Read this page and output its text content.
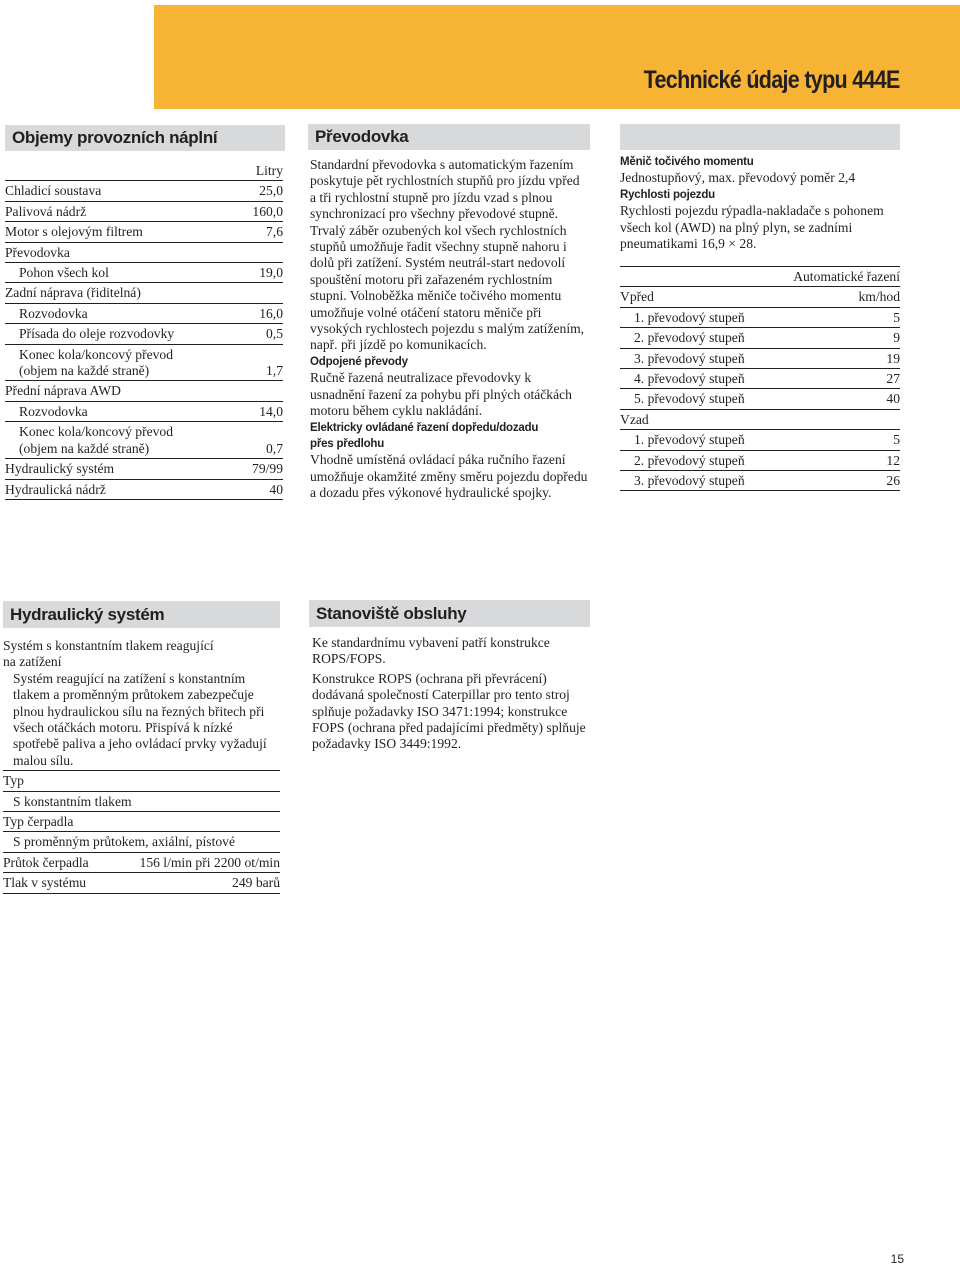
Technické údaje typu 444E
Objemy provozních náplní
Litry
Chladicí soustava	25,0
Palivová nádrž	160,0
Motor s olejovým filtrem	7,6
Převodovka
Pohon všech kol	19,0
Zadní náprava (řiditelná)
Rozvodovka	16,0
Přísada do oleje rozvodovky	0,5
Konec kola/koncový převod
(objem na každé straně)	1,7
Přední náprava AWD
Rozvodovka	14,0
Konec kola/koncový převod
(objem na každé straně)	0,7
Hydraulický systém	79/99
Hydraulická nádrž	40
Převodovka

Standardní převodovka s automatickým řazením poskytuje pět rychlostních stupňů pro jízdu vpřed a tři rychlostní stupně pro jízdu vzad s plnou synchronizací pro všechny převodové stupně. Trvalý záběr ozubených kol všech rychlostních stupňů umožňuje řadit všechny stupně nahoru i dolů při zatížení. Systém neutrál-start nedovolí spouštění motoru při zařazeném rychlostním stupni. Volnoběžka měniče točivého momentu umožňuje volné otáčení statoru měniče při vysokých rychlostech pojezdu s malým zatížením, např. při jízdě po komunikacích.

Odpojené převody

Ručně řazená neutralizace převodovky k usnadnění řazení za pohybu při plných otáčkách motoru během cyklu nakládání.

Elektricky ovládané řazení dopředu/dozadu
přes předlohu

Vhodně umístěná ovládací páka ručního řazení umožňuje okamžité změny směru pojezdu dopředu a dozadu přes výkonové hydraulické spojky.

Měnič točivého momentu

Jednostupňový, max. převodový poměr 2,4

Rychlosti pojezdu

Rychlosti pojezdu rýpadla-nakladače s pohonem všech kol (AWD) na plný plyn, se zadními pneumatikami 16,9 × 28.

Automatické řazení
Vpřed	km/hod
1. převodový stupeň	5
2. převodový stupeň	9
3. převodový stupeň	19
4. převodový stupeň	27
5. převodový stupeň	40
Vzad
1. převodový stupeň	5
2. převodový stupeň	12
3. převodový stupeň	26
Hydraulický systém
Systém s konstantním tlakem reagující
na zatížení

Systém reagující na zatížení s konstantním tlakem a proměnným průtokem zabezpečuje plnou hydraulickou sílu na řezných břitech při všech otáčkách motoru. Přispívá k nízké spotřebě paliva a jeho ovládací prvky vyžadují malou sílu.

Typ
S konstantním tlakem
Typ čerpadla
S proměnným průtokem, axiální, pístové
Průtok čerpadla	156 l/min při 2200 ot/min
Tlak v systému	249 barů
Stanoviště obsluhy

Ke standardnímu vybavení patří konstrukce ROPS/FOPS.

Konstrukce ROPS (ochrana při převrácení) dodávaná společností Caterpillar pro tento stroj splňuje požadavky ISO 3471:1994; konstrukce FOPS (ochrana před padajícími předměty) splňuje požadavky ISO 3449:1992.

15
